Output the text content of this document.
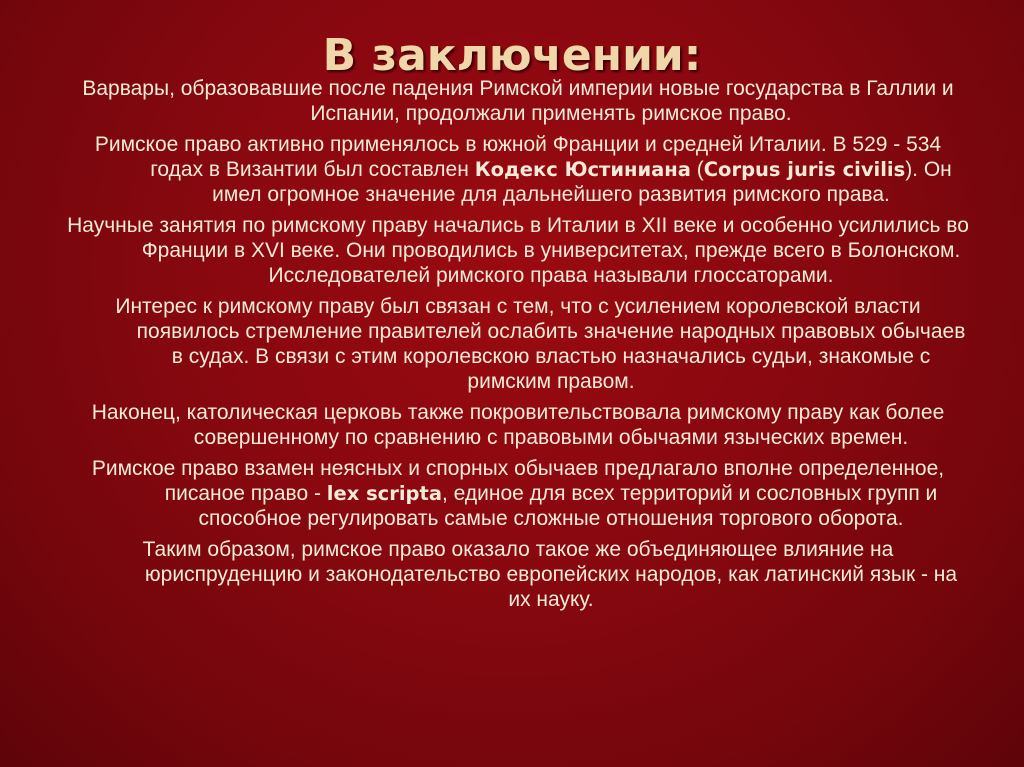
В заключении:

Варвары, образовавшие после падения Римской империи новые государства в Галлии и Испании, продолжали применять римское право.

Римское право активно применялось в южной Франции и средней Италии. В 529 - 534 годах в Византии был составлен Кодекс Юстиниана (Corpus juris civilis). Он имел огромное значение для дальнейшего развития римского права.

Научные занятия по римскому праву начались в Италии в XII веке и особенно усилились во Франции в XVI веке. Они проводились в университетах, прежде всего в Болонском. Исследователей римского права называли глоссаторами.

Интерес к римскому праву был связан с тем, что с усилением королевской власти появилось стремление правителей ослабить значение народных правовых обычаев в судах. В связи с этим королевскою властью назначались судьи, знакомые с римским правом.

Наконец, католическая церковь также покровительствовала римскому праву как более совершенному по сравнению с правовыми обычаями языческих времен.

Римское право взамен неясных и спорных обычаев предлагало вполне определенное, писаное право - lex scripta, единое для всех территорий и сословных групп и способное регулировать самые сложные отношения торгового оборота.

Таким образом, римское право оказало такое же объединяющее влияние на юриспруденцию и законодательство европейских народов, как латинский язык - на их науку.
